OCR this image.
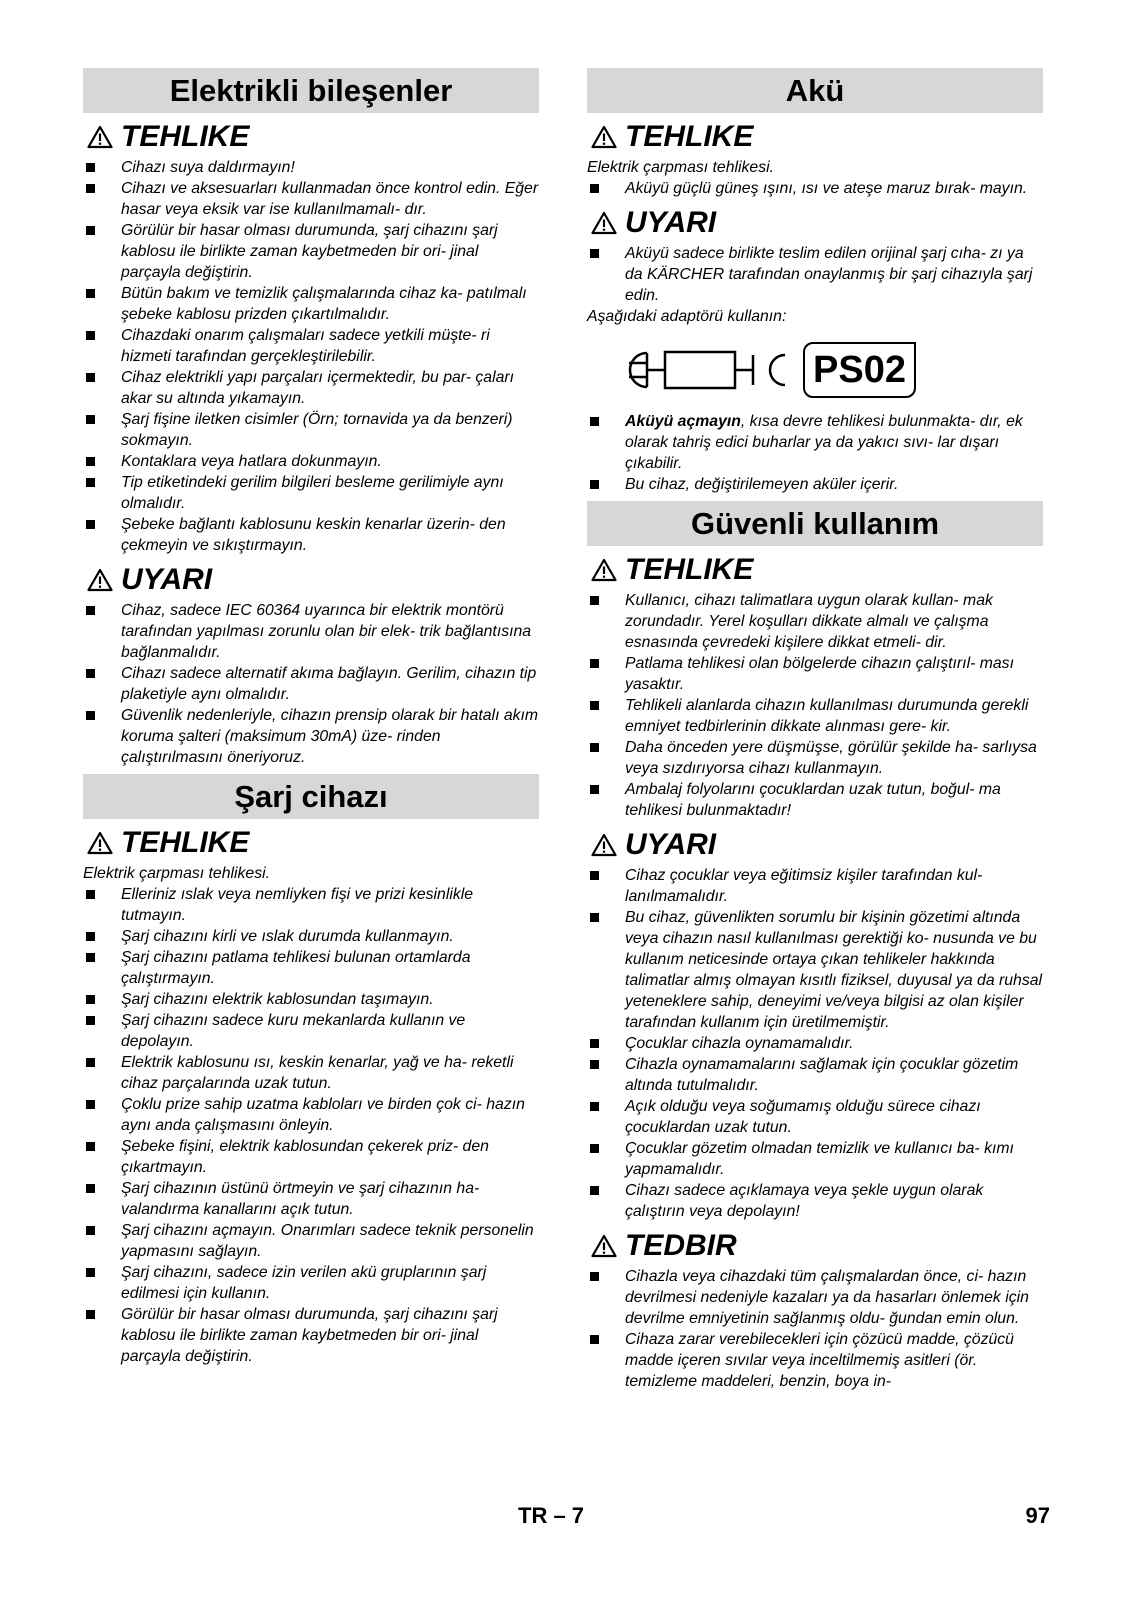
Elektrikli bileşenler
TEHLIKE
Cihazı suya daldırmayın!
Cihazı ve aksesuarları kullanmadan önce kontrol edin. Eğer hasar veya eksik var ise kullanılmamalı- dır.
Görülür bir hasar olması durumunda, şarj cihazını şarj kablosu ile birlikte zaman kaybetmeden bir ori- jinal parçayla değiştirin.
Bütün bakım ve temizlik çalışmalarında cihaz ka- patılmalı şebeke kablosu prizden çıkartılmalıdır.
Cihazdaki onarım çalışmaları sadece yetkili müşte- ri hizmeti tarafından gerçekleştirilebilir.
Cihaz elektrikli yapı parçaları içermektedir, bu par- çaları akar su altında yıkamayın.
Şarj fişine iletken cisimler (Örn; tornavida ya da benzeri) sokmayın.
Kontaklara veya hatlara dokunmayın.
Tip etiketindeki gerilim bilgileri besleme gerilimiyle aynı olmalıdır.
Şebeke bağlantı kablosunu keskin kenarlar üzerin- den çekmeyin ve sıkıştırmayın.
UYARI
Cihaz, sadece IEC 60364 uyarınca bir elektrik montörü tarafından yapılması zorunlu olan bir elek- trik bağlantısına bağlanmalıdır.
Cihazı sadece alternatif akıma bağlayın. Gerilim, cihazın tip plaketiyle aynı olmalıdır.
Güvenlik nedenleriyle, cihazın prensip olarak bir hatalı akım koruma şalteri (maksimum 30mA) üze- rinden çalıştırılmasını öneriyoruz.
Şarj cihazı
TEHLIKE

Elektrik çarpması tehlikesi.

Elleriniz ıslak veya nemliyken fişi ve prizi kesinlikle tutmayın.
Şarj cihazını kirli ve ıslak durumda kullanmayın.
Şarj cihazını patlama tehlikesi bulunan ortamlarda çalıştırmayın.
Şarj cihazını elektrik kablosundan taşımayın.
Şarj cihazını sadece kuru mekanlarda kullanın ve depolayın.
Elektrik kablosunu ısı, keskin kenarlar, yağ ve ha- reketli cihaz parçalarında uzak tutun.
Çoklu prize sahip uzatma kabloları ve birden çok ci- hazın aynı anda çalışmasını önleyin.
Şebeke fişini, elektrik kablosundan çekerek priz- den çıkartmayın.
Şarj cihazının üstünü örtmeyin ve şarj cihazının ha- valandırma kanallarını açık tutun.
Şarj cihazını açmayın. Onarımları sadece teknik personelin yapmasını sağlayın.
Şarj cihazını, sadece izin verilen akü gruplarının şarj edilmesi için kullanın.
Görülür bir hasar olması durumunda, şarj cihazını şarj kablosu ile birlikte zaman kaybetmeden bir ori- jinal parçayla değiştirin.
Akü
TEHLIKE

Elektrik çarpması tehlikesi.

Aküyü güçlü güneş ışını, ısı ve ateşe maruz bırak- mayın.
UYARI
Aküyü sadece birlikte teslim edilen orijinal şarj cıha- zı ya da KÄRCHER tarafından onaylanmış bir şarj cihazıyla şarj edin.

Aşağıdaki adaptörü kullanın:

PS02
Aküyü açmayın, kısa devre tehlikesi bulunmakta- dır, ek olarak tahriş edici buharlar ya da yakıcı sıvı- lar dışarı çıkabilir.
Bu cihaz, değiştirilemeyen aküler içerir.
Güvenli kullanım
TEHLIKE
Kullanıcı, cihazı talimatlara uygun olarak kullan- mak zorundadır. Yerel koşulları dikkate almalı ve çalışma esnasında çevredeki kişilere dikkat etmeli- dir.
Patlama tehlikesi olan bölgelerde cihazın çalıştırıl- ması yasaktır.
Tehlikeli alanlarda cihazın kullanılması durumunda gerekli emniyet tedbirlerinin dikkate alınması gere- kir.
Daha önceden yere düşmüşse, görülür şekilde ha- sarlıysa veya sızdırıyorsa cihazı kullanmayın.
Ambalaj folyolarını çocuklardan uzak tutun, boğul- ma tehlikesi bulunmaktadır!
UYARI
Cihaz çocuklar veya eğitimsiz kişiler tarafından kul- lanılmamalıdır.
Bu cihaz, güvenlikten sorumlu bir kişinin gözetimi altında veya cihazın nasıl kullanılması gerektiği ko- nusunda ve bu kullanım neticesinde ortaya çıkan tehlikeler hakkında talimatlar almış olmayan kısıtlı fiziksel, duyusal ya da ruhsal yeteneklere sahip, deneyimi ve/veya bilgisi az olan kişiler tarafından kullanım için üretilmemiştir.
Çocuklar cihazla oynamamalıdır.
Cihazla oynamamalarını sağlamak için çocuklar gözetim altında tutulmalıdır.
Açık olduğu veya soğumamış olduğu sürece cihazı çocuklardan uzak tutun.
Çocuklar gözetim olmadan temizlik ve kullanıcı ba- kımı yapmamalıdır.
Cihazı sadece açıklamaya veya şekle uygun olarak çalıştırın veya depolayın!
TEDBIR
Cihazla veya cihazdaki tüm çalışmalardan önce, ci- hazın devrilmesi nedeniyle kazaları ya da hasarları önlemek için devrilme emniyetinin sağlanmış oldu- ğundan emin olun.
Cihaza zarar verebilecekleri için çözücü madde, çözücü madde içeren sıvılar veya inceltilmemiş asitleri (ör. temizleme maddeleri, benzin, boya in-
TR – 7	97
